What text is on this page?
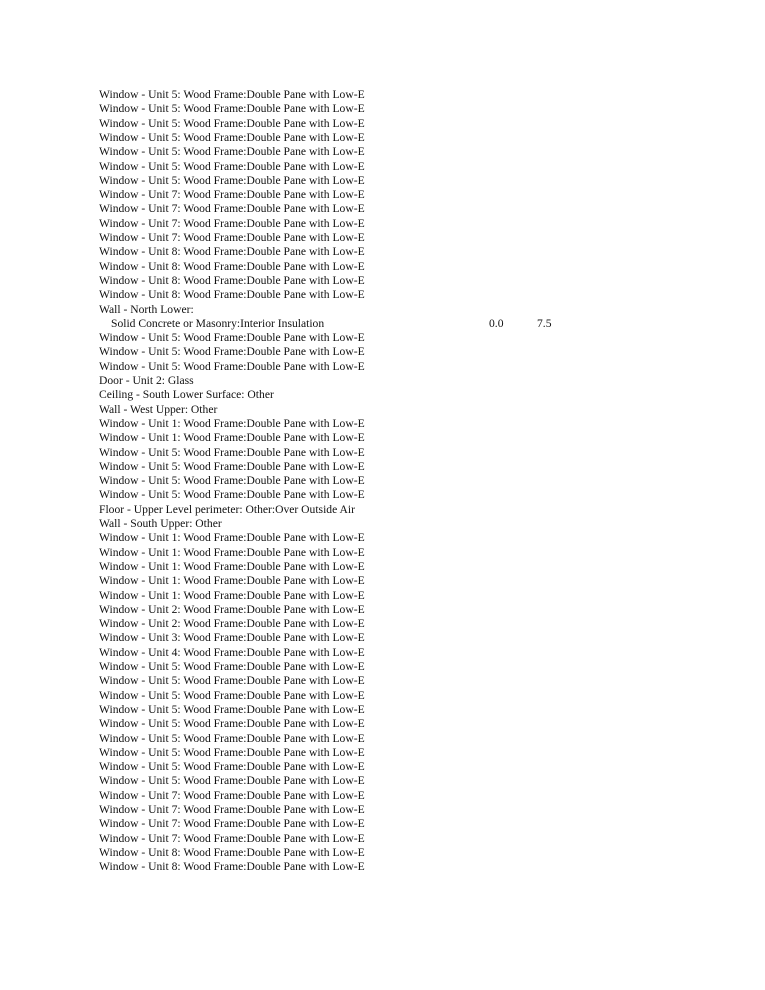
Window - Unit 5: Wood Frame:Double Pane with Low-E
Window - Unit 5: Wood Frame:Double Pane with Low-E
Window - Unit 5: Wood Frame:Double Pane with Low-E
Window - Unit 5: Wood Frame:Double Pane with Low-E
Window - Unit 5: Wood Frame:Double Pane with Low-E
Window - Unit 5: Wood Frame:Double Pane with Low-E
Window - Unit 5: Wood Frame:Double Pane with Low-E
Window - Unit 7: Wood Frame:Double Pane with Low-E
Window - Unit 7: Wood Frame:Double Pane with Low-E
Window - Unit 7: Wood Frame:Double Pane with Low-E
Window - Unit 7: Wood Frame:Double Pane with Low-E
Window - Unit 8: Wood Frame:Double Pane with Low-E
Window - Unit 8: Wood Frame:Double Pane with Low-E
Window - Unit 8: Wood Frame:Double Pane with Low-E
Window - Unit 8: Wood Frame:Double Pane with Low-E
Wall - North Lower:
Solid Concrete or Masonry:Interior Insulation	0.0	7.5
Window - Unit 5: Wood Frame:Double Pane with Low-E
Window - Unit 5: Wood Frame:Double Pane with Low-E
Window - Unit 5: Wood Frame:Double Pane with Low-E
Door - Unit 2: Glass
Ceiling - South Lower Surface: Other
Wall - West Upper: Other
Window - Unit 1: Wood Frame:Double Pane with Low-E
Window - Unit 1: Wood Frame:Double Pane with Low-E
Window - Unit 5: Wood Frame:Double Pane with Low-E
Window - Unit 5: Wood Frame:Double Pane with Low-E
Window - Unit 5: Wood Frame:Double Pane with Low-E
Window - Unit 5: Wood Frame:Double Pane with Low-E
Floor - Upper Level perimeter: Other:Over Outside Air
Wall - South Upper: Other
Window - Unit 1: Wood Frame:Double Pane with Low-E
Window - Unit 1: Wood Frame:Double Pane with Low-E
Window - Unit 1: Wood Frame:Double Pane with Low-E
Window - Unit 1: Wood Frame:Double Pane with Low-E
Window - Unit 1: Wood Frame:Double Pane with Low-E
Window - Unit 2: Wood Frame:Double Pane with Low-E
Window - Unit 2: Wood Frame:Double Pane with Low-E
Window - Unit 3: Wood Frame:Double Pane with Low-E
Window - Unit 4: Wood Frame:Double Pane with Low-E
Window - Unit 5: Wood Frame:Double Pane with Low-E
Window - Unit 5: Wood Frame:Double Pane with Low-E
Window - Unit 5: Wood Frame:Double Pane with Low-E
Window - Unit 5: Wood Frame:Double Pane with Low-E
Window - Unit 5: Wood Frame:Double Pane with Low-E
Window - Unit 5: Wood Frame:Double Pane with Low-E
Window - Unit 5: Wood Frame:Double Pane with Low-E
Window - Unit 5: Wood Frame:Double Pane with Low-E
Window - Unit 5: Wood Frame:Double Pane with Low-E
Window - Unit 7: Wood Frame:Double Pane with Low-E
Window - Unit 7: Wood Frame:Double Pane with Low-E
Window - Unit 7: Wood Frame:Double Pane with Low-E
Window - Unit 7: Wood Frame:Double Pane with Low-E
Window - Unit 8: Wood Frame:Double Pane with Low-E
Window - Unit 8: Wood Frame:Double Pane with Low-E
